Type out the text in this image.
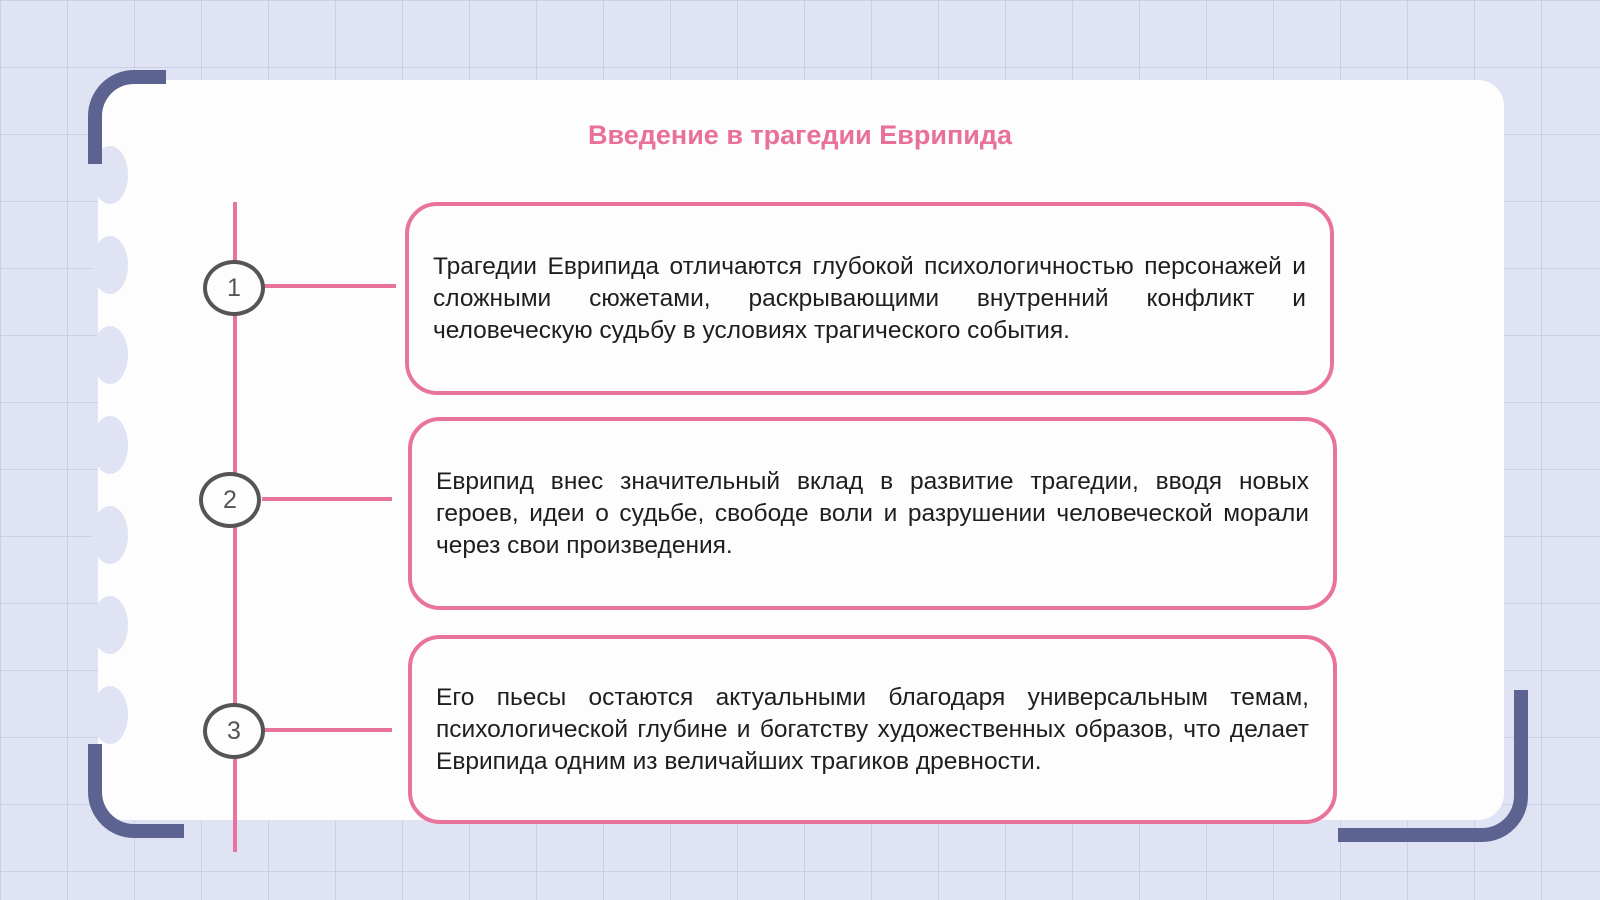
Введение в трагедии Еврипида
1
2
3

Трагедии Еврипида отличаются глубокой психологичностью персонажей и сложными сюжетами, раскрывающими внутренний конфликт и человеческую судьбу в условиях трагического события.

Еврипид внес значительный вклад в развитие трагедии, вводя новых героев, идеи о судьбе, свободе воли и разрушении человеческой морали через свои произведения.

Его пьесы остаются актуальными благодаря универсальным темам, психологической глубине и богатству художественных образов, что делает Еврипида одним из величайших трагиков древности.
